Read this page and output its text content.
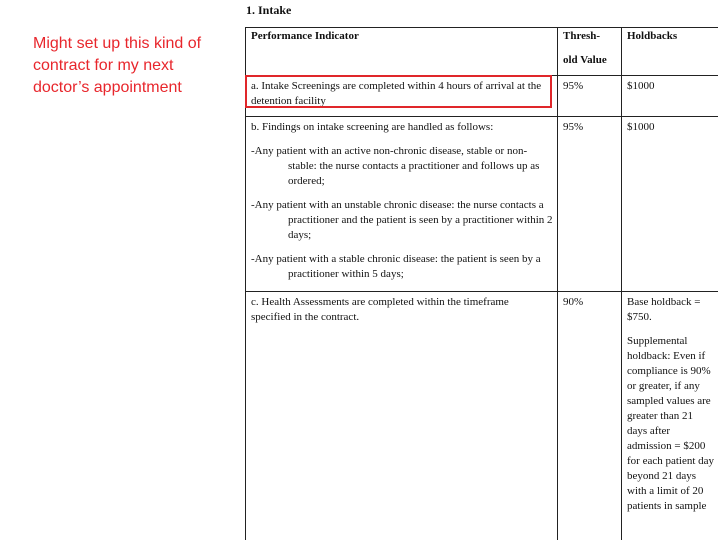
Might set up this kind of contract for my next doctor’s appointment
1. Intake
Performance Indicator	Thresh-
old Value
Holdbacks
a. Intake Screenings are completed within 4 hours of arrival at the detention facility
95%	$1000
b. Findings on intake screening are handled as follows:
-Any patient with an active non-chronic disease, stable or non-
stable: the nurse contacts a practitioner and follows up as ordered;
-Any patient with an unstable chronic disease: the nurse contacts a
practitioner and the patient is seen by a practitioner within 2 days;
-Any patient with a stable chronic disease: the patient is seen by a
practitioner within 5 days;
95%	$1000
c. Health Assessments are completed within the timeframe specified in the contract.
90%	Base holdback = $750.
Supplemental holdback: Even if compliance is 90% or greater, if any sampled values are greater than 21 days after admission = $200 for each patient day beyond 21 days with a limit of 20 patients in sample
